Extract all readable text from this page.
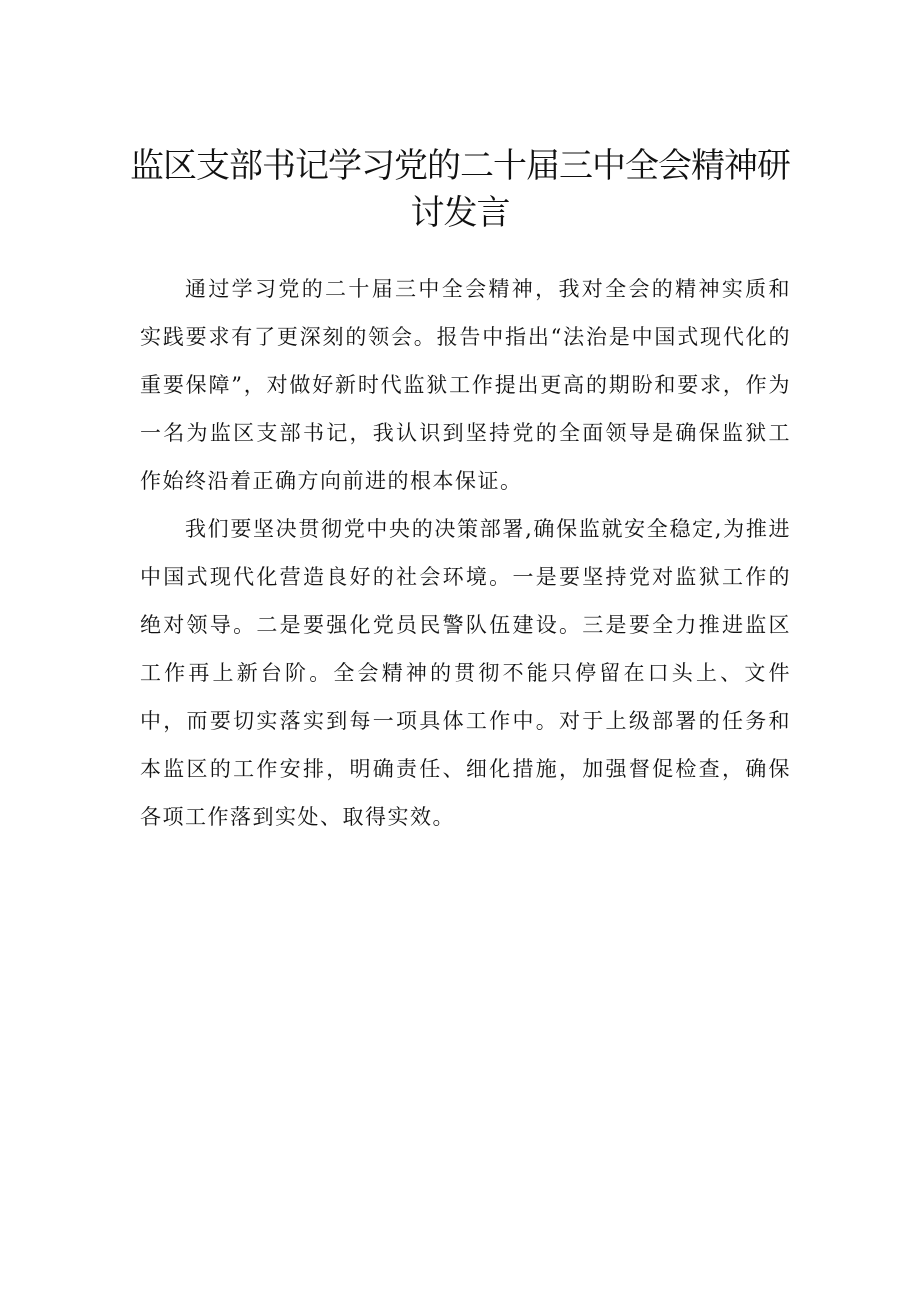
监区支部书记学习党的二十届三中全会精神研讨发言

通过学习党的二十届三中全会精神，我对全会的精神实质和实践要求有了更深刻的领会。报告中指出“法治是中国式现代化的重要保障”，对做好新时代监狱工作提出更高的期盼和要求，作为一名为监区支部书记，我认识到坚持党的全面领导是确保监狱工作始终沿着正确方向前进的根本保证。

我们要坚决贯彻党中央的决策部署,确保监就安全稳定,为推进中国式现代化营造良好的社会环境。一是要坚持党对监狱工作的绝对领导。二是要强化党员民警队伍建设。三是要全力推进监区工作再上新台阶。全会精神的贯彻不能只停留在口头上、文件中，而要切实落实到每一项具体工作中。对于上级部署的任务和本监区的工作安排，明确责任、细化措施，加强督促检查，确保各项工作落到实处、取得实效。
